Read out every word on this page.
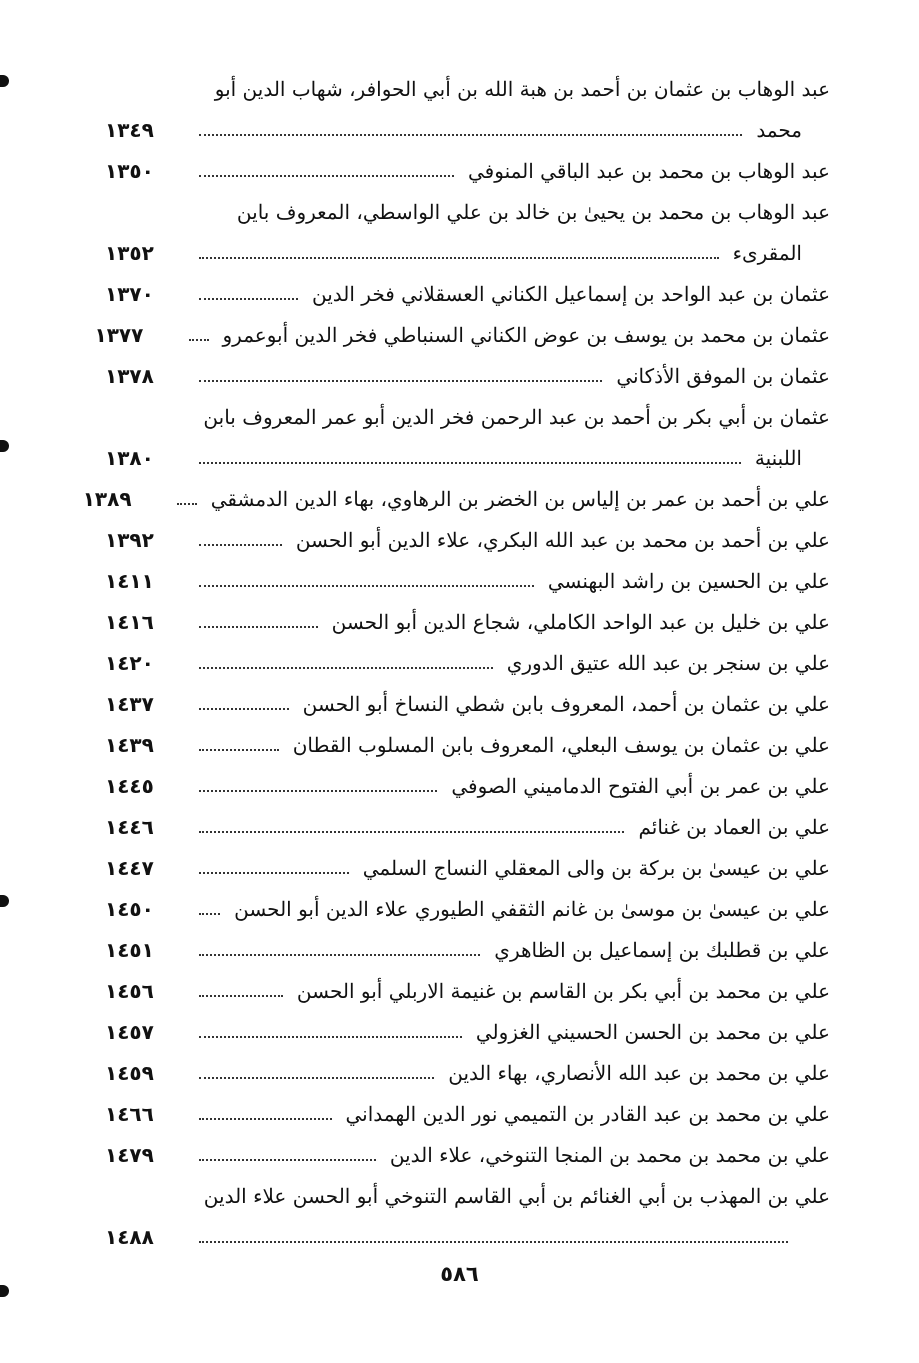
عبد الوهاب بن عثمان بن أحمد بن هبة الله بن أبي الحوافر، شهاب الدين أبو
محمد
١٣٤٩
عبد الوهاب بن محمد بن عبد الباقي المنوفي
١٣٥٠
عبد الوهاب بن محمد بن يحيىٰ بن خالد بن علي الواسطي، المعروف باين
المقرىء
١٣٥٢
عثمان بن عبد الواحد بن إسماعيل الكناني العسقلاني فخر الدين
١٣٧٠
عثمان بن محمد بن يوسف بن عوض الكناني السنباطي فخر الدين أبوعمرو
١٣٧٧
عثمان بن الموفق الأذكاني
١٣٧٨
عثمان بن أبي بكر بن أحمد بن عبد الرحمن فخر الدين أبو عمر المعروف بابن
اللبنية
١٣٨٠
علي بن أحمد بن عمر بن إلياس بن الخضر بن الرهاوي، بهاء الدين الدمشقي
١٣٨٩
علي بن أحمد بن محمد بن عبد الله البكري، علاء الدين أبو الحسن
١٣٩٢
علي بن الحسين بن راشد البهنسي
١٤١١
علي بن خليل بن عبد الواحد الكاملي، شجاع الدين أبو الحسن
١٤١٦
علي بن سنجر بن عبد الله عتيق الدوري
١٤٢٠
علي بن عثمان بن أحمد، المعروف بابن شطي النساخ أبو الحسن
١٤٣٧
علي بن عثمان بن يوسف البعلي، المعروف بابن المسلوب القطان
١٤٣٩
علي بن عمر بن أبي الفتوح الدماميني الصوفي
١٤٤٥
علي بن العماد بن غنائم
١٤٤٦
علي بن عيسىٰ بن بركة بن والى المعقلي النساج السلمي
١٤٤٧
علي بن عيسىٰ بن موسىٰ بن غانم الثقفي الطيوري علاء الدين أبو الحسن
١٤٥٠
علي بن قطلبك بن إسماعيل بن الظاهري
١٤٥١
علي بن محمد بن أبي بكر بن القاسم بن غنيمة الاربلي أبو الحسن
١٤٥٦
علي بن محمد بن الحسن الحسيني الغزولي
١٤٥٧
علي بن محمد بن عبد الله الأنصاري، بهاء الدين
١٤٥٩
علي بن محمد بن عبد القادر بن التميمي نور الدين الهمداني
١٤٦٦
علي بن محمد بن محمد بن المنجا التنوخي، علاء الدين
١٤٧٩
علي بن المهذب بن أبي الغنائم بن أبي القاسم التنوخي أبو الحسن علاء الدين
١٤٨٨
٥٨٦
